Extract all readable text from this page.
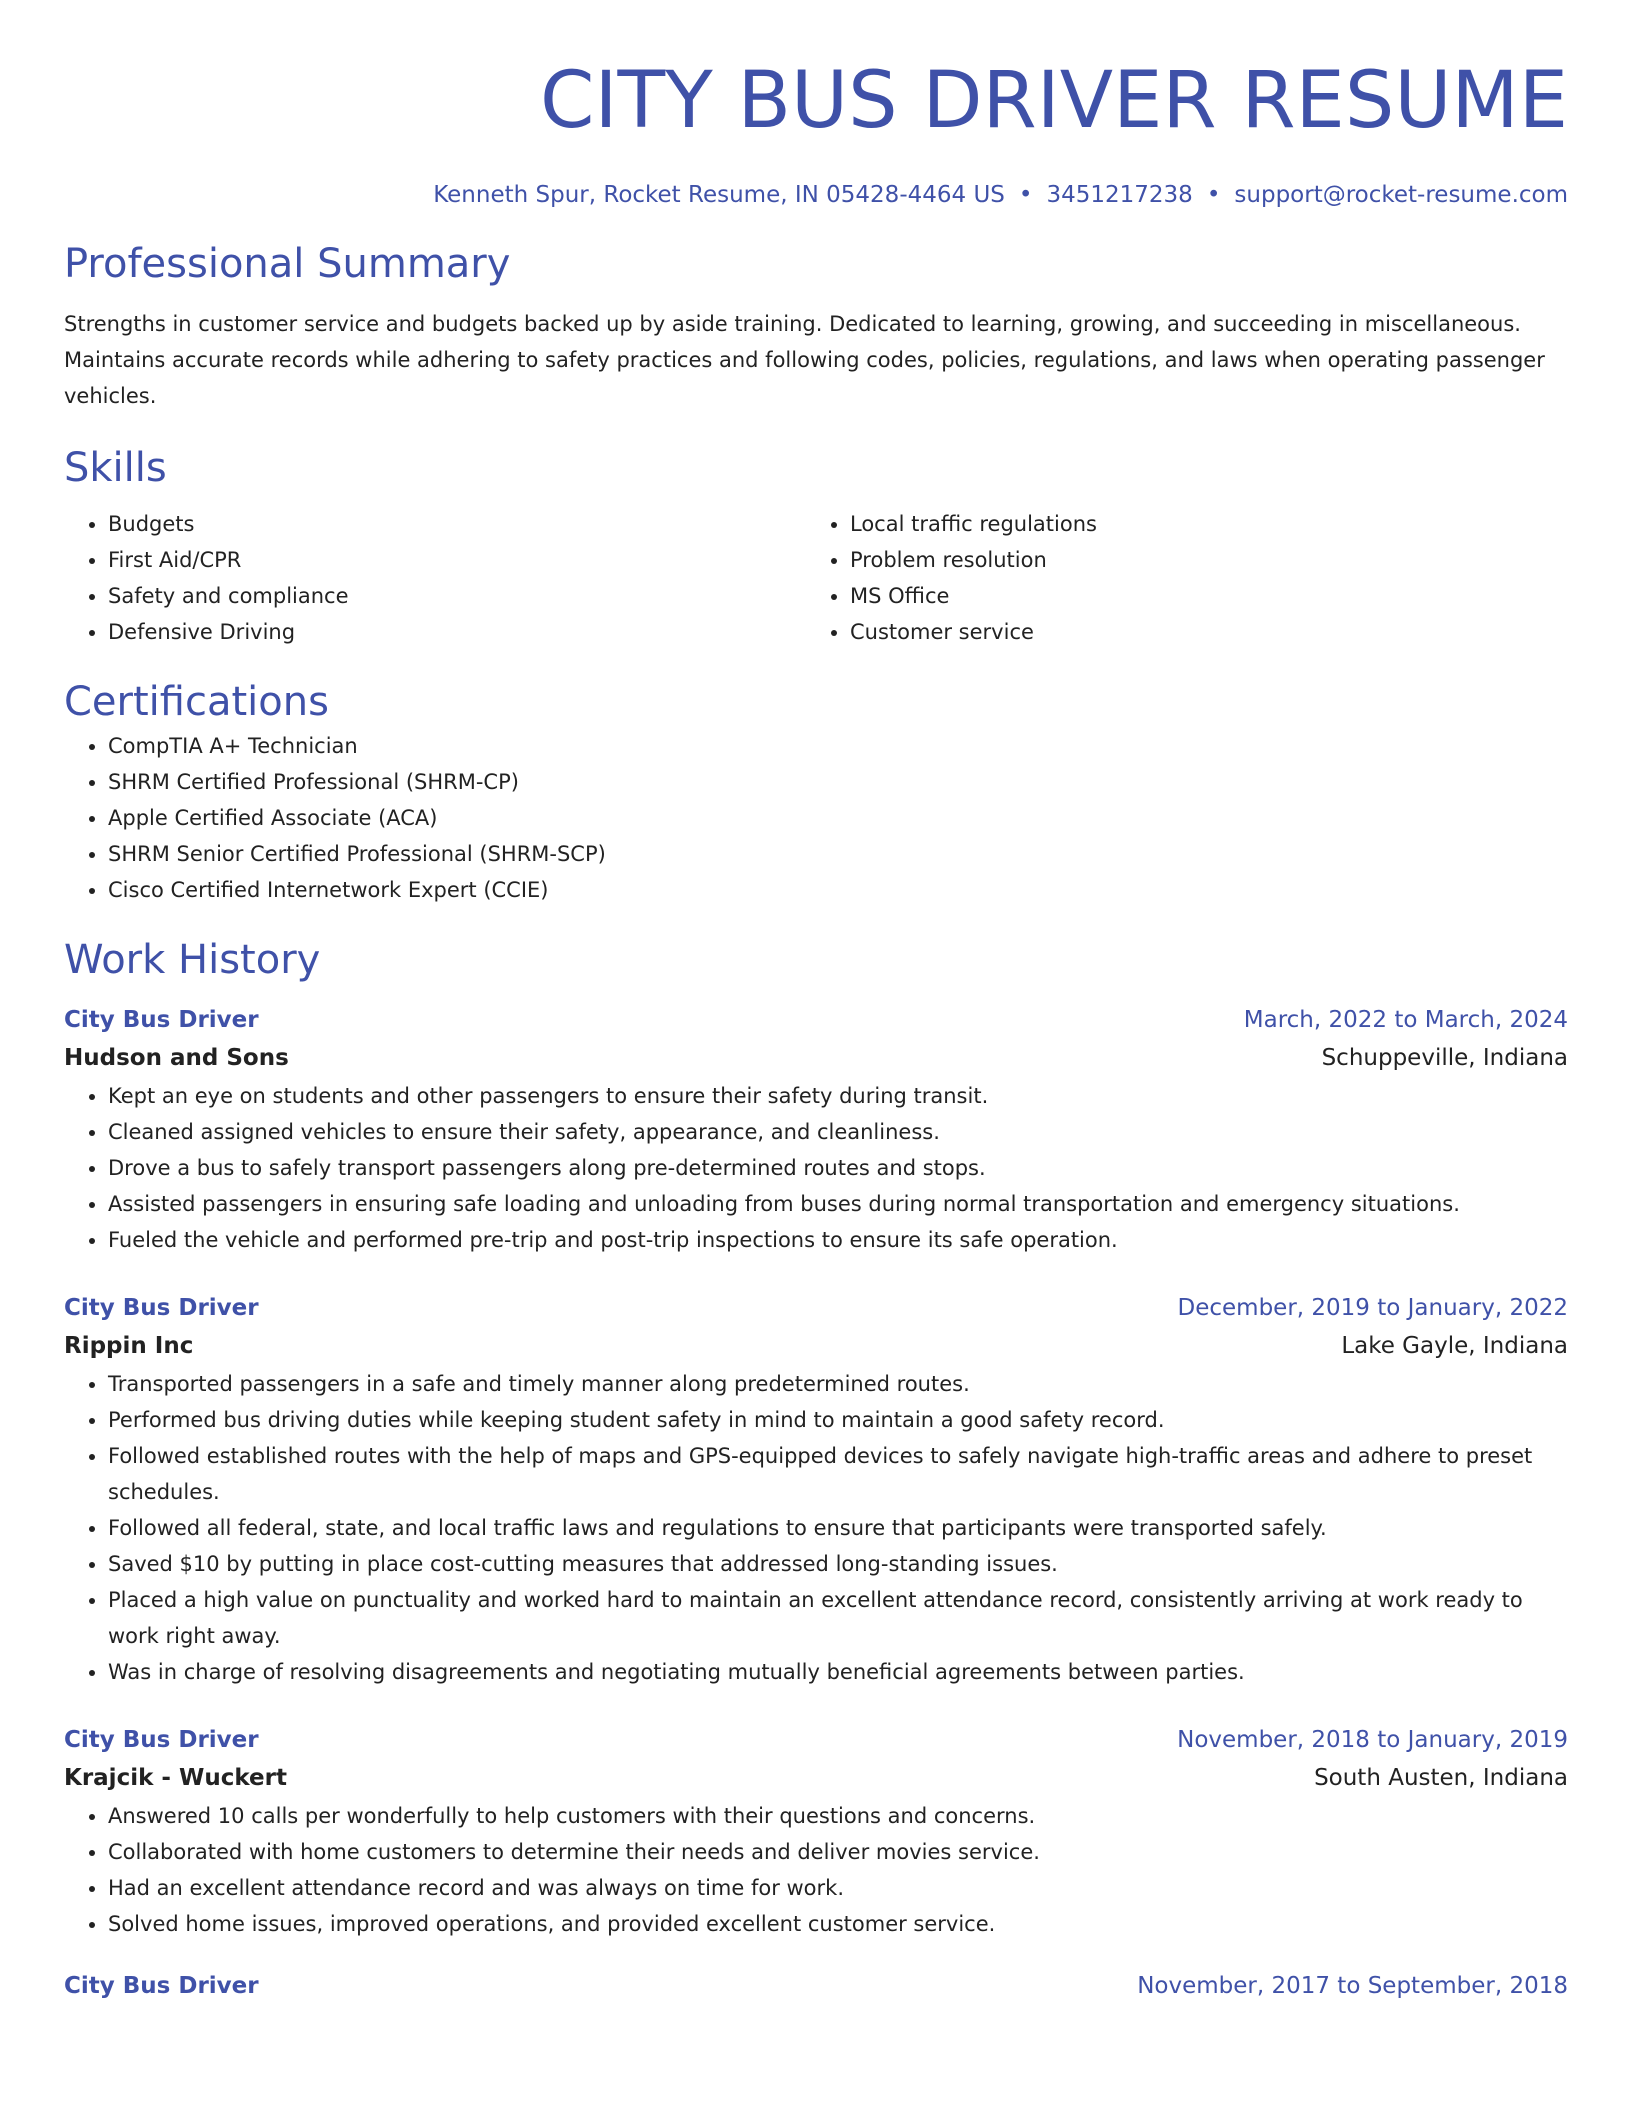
CITY BUS DRIVER RESUME
Kenneth Spur, Rocket Resume, IN 05428-4464 US • 3451217238 • support@rocket-resume.com
Professional Summary

Strengths in customer service and budgets backed up by aside training. Dedicated to learning, growing, and succeeding in miscellaneous. Maintains accurate records while adhering to safety practices and following codes, policies, regulations, and laws when operating passenger vehicles.

Skills
• Budgets
• First Aid/CPR
• Safety and compliance
• Defensive Driving
• Local traffic regulations
• Problem resolution
• MS Office
• Customer service
Certifications
• CompTIA A+ Technician
• SHRM Certified Professional (SHRM-CP)
• Apple Certified Associate (ACA)
• SHRM Senior Certified Professional (SHRM-SCP)
• Cisco Certified Internetwork Expert (CCIE)
Work History
City Bus Driver	March, 2022 to March, 2024
Hudson and Sons	Schuppeville, Indiana
• Kept an eye on students and other passengers to ensure their safety during transit.
• Cleaned assigned vehicles to ensure their safety, appearance, and cleanliness.
• Drove a bus to safely transport passengers along pre-determined routes and stops.
• Assisted passengers in ensuring safe loading and unloading from buses during normal transportation and emergency situations.
• Fueled the vehicle and performed pre-trip and post-trip inspections to ensure its safe operation.
City Bus Driver	December, 2019 to January, 2022
Rippin Inc	Lake Gayle, Indiana
• Transported passengers in a safe and timely manner along predetermined routes.
• Performed bus driving duties while keeping student safety in mind to maintain a good safety record.
• Followed established routes with the help of maps and GPS-equipped devices to safely navigate high-traffic areas and adhere to preset schedules.
• Followed all federal, state, and local traffic laws and regulations to ensure that participants were transported safely.
• Saved $10 by putting in place cost-cutting measures that addressed long-standing issues.
• Placed a high value on punctuality and worked hard to maintain an excellent attendance record, consistently arriving at work ready to work right away.
• Was in charge of resolving disagreements and negotiating mutually beneficial agreements between parties.
City Bus Driver	November, 2018 to January, 2019
Krajcik - Wuckert	South Austen, Indiana
• Answered 10 calls per wonderfully to help customers with their questions and concerns.
• Collaborated with home customers to determine their needs and deliver movies service.
• Had an excellent attendance record and was always on time for work.
• Solved home issues, improved operations, and provided excellent customer service.
City Bus Driver	November, 2017 to September, 2018
